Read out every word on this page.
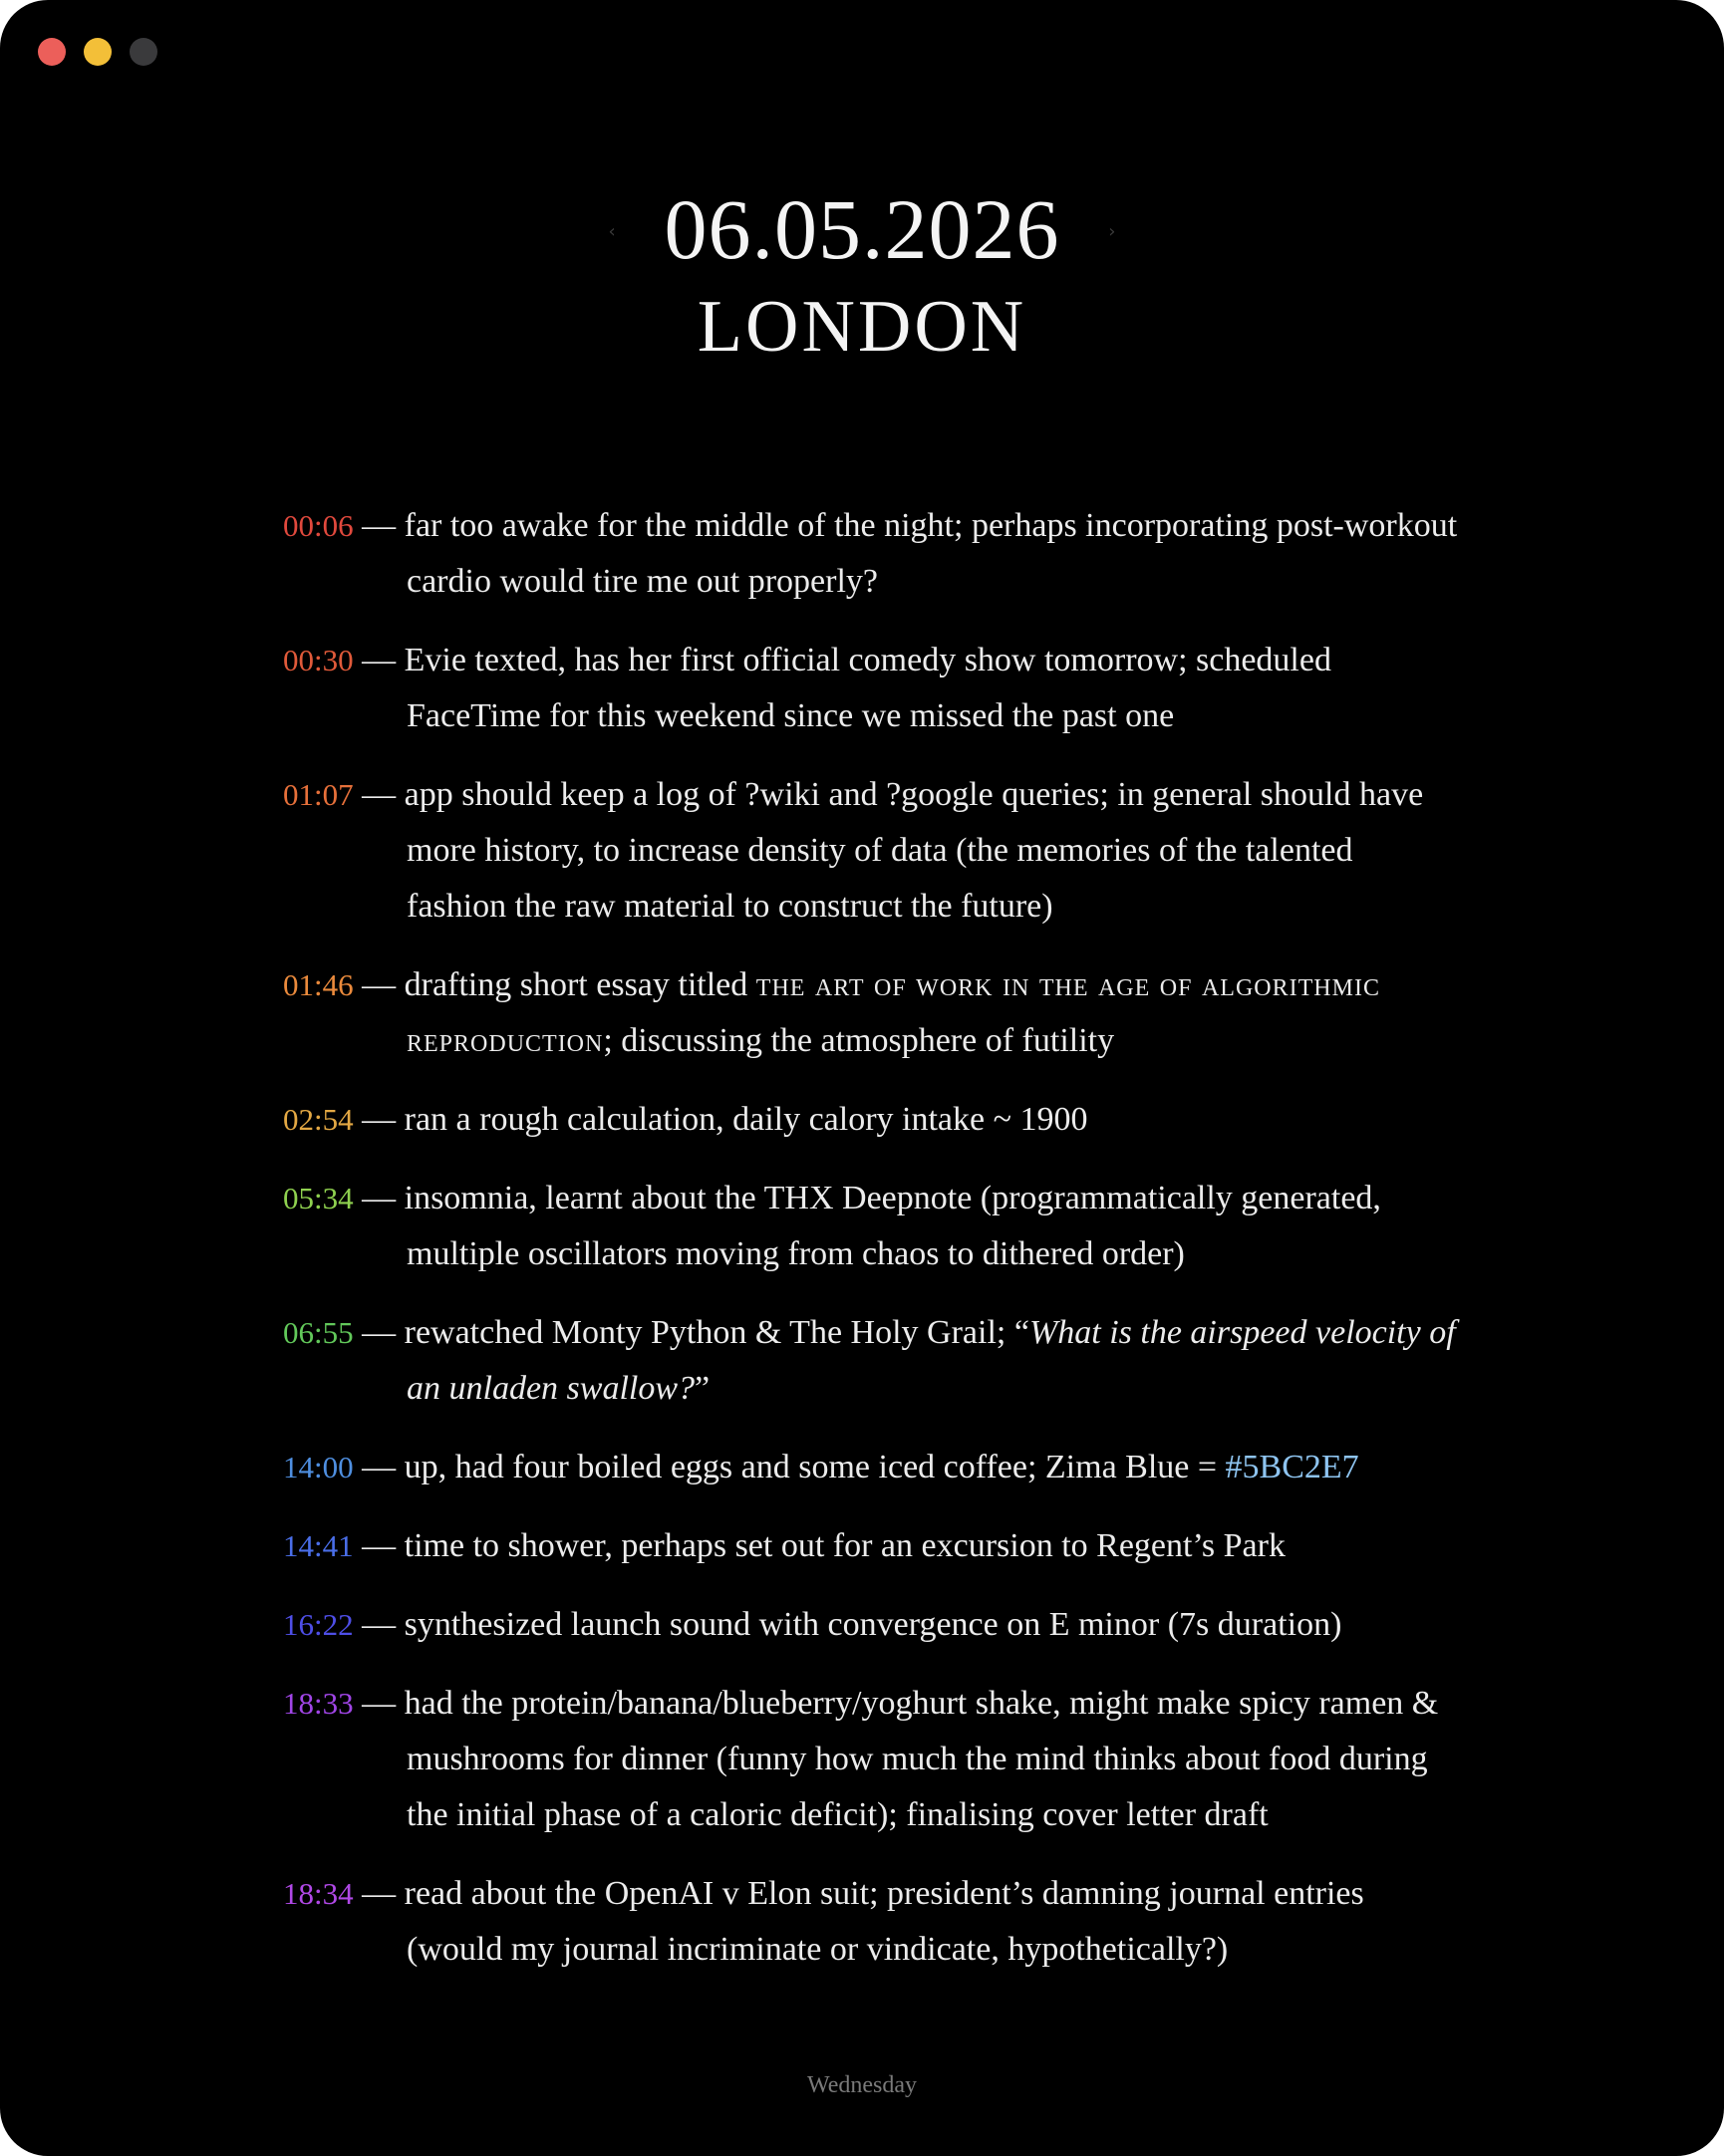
‹ 06.05.2026	›
LONDON
00:06 — far too awake for the middle of the night; perhaps incorporating post-workout cardio would tire me out properly?
00:30 — Evie texted, has her first official comedy show tomorrow; scheduled FaceTime for this weekend since we missed the past one
01:07 — app should keep a log of ?wiki and ?google queries; in general should have more history, to increase density of data (the memories of the talented fashion the raw material to construct the future)
01:46 — drafting short essay titled the art of work in the age of algorithmic reproduction; discussing the atmosphere of futility
02:54 — ran a rough calculation, daily calory intake ~ 1900
05:34 — insomnia, learnt about the THX Deepnote (programmatically generated, multiple oscillators moving from chaos to dithered order)
06:55 — rewatched Monty Python & The Holy Grail; “What is the airspeed velocity of an unladen swallow?”
14:00 — up, had four boiled eggs and some iced coffee; Zima Blue = #5BC2E7
14:41 — time to shower, perhaps set out for an excursion to Regent’s Park
16:22 — synthesized launch sound with convergence on E minor (7s duration)
18:33 — had the protein/banana/blueberry/yoghurt shake, might make spicy ramen & mushrooms for dinner (funny how much the mind thinks about food during the initial phase of a caloric deficit); finalising cover letter draft
18:34 — read about the OpenAI v Elon suit; president’s damning journal entries (would my journal incriminate or vindicate, hypothetically?)
Wednesday
